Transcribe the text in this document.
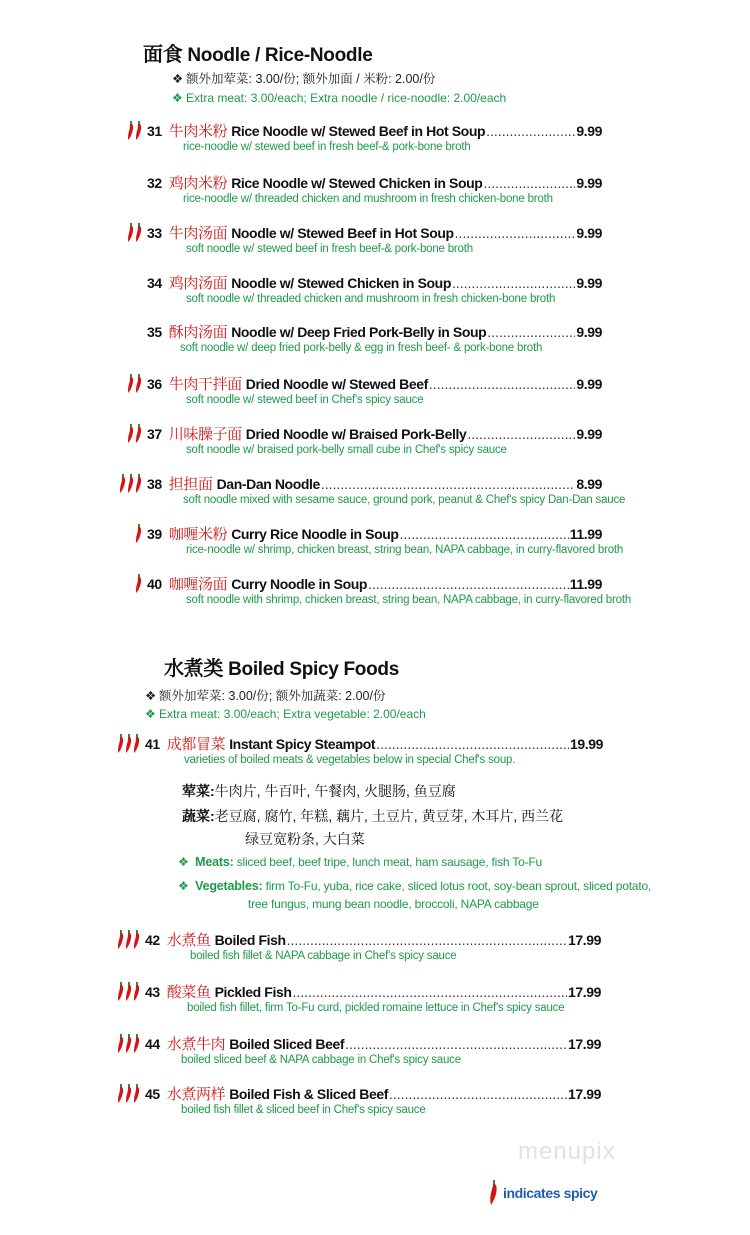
面食 Noodle / Rice-Noodle
❖ 额外加荤菜: 3.00/份; 额外加面 / 米粉: 2.00/份
❖ Extra meat: 3.00/each; Extra noodle / rice-noodle: 2.00/each
31 牛肉米粉 Rice Noodle w/ Stewed Beef in Hot Soup .....	9.99
rice-noodle w/ stewed beef in fresh beef-& pork-bone broth
32 鸡肉米粉 Rice Noodle w/ Stewed Chicken in Soup .....	9.99
rice-noodle w/ threaded chicken and mushroom in fresh chicken-bone broth
33 牛肉汤面 Noodle w/ Stewed Beef in Hot Soup .....	9.99
soft noodle w/ stewed beef in fresh beef-& pork-bone broth
34 鸡肉汤面 Noodle w/ Stewed Chicken in Soup .....	9.99
soft noodle w/ threaded chicken and mushroom in fresh chicken-bone broth
35 酥肉汤面 Noodle w/ Deep Fried Pork-Belly in Soup .....	9.99
soft noodle w/ deep fried pork-belly & egg in fresh beef- & pork-bone broth
36 牛肉干拌面 Dried Noodle w/ Stewed Beef .....	9.99
soft noodle w/ stewed beef in Chef's spicy sauce
37 川味臊子面 Dried Noodle w/ Braised Pork-Belly .....	9.99
soft noodle w/ braised pork-belly small cube in Chef's spicy sauce
38 担担面 Dan-Dan Noodle .....	8.99
soft noodle mixed with sesame sauce, ground pork, peanut & Chef's spicy Dan-Dan sauce
39 咖喱米粉 Curry Rice Noodle in Soup .....	11.99
rice-noodle w/ shrimp, chicken breast, string bean, NAPA cabbage, in curry-flavored broth
40 咖喱汤面 Curry Noodle in Soup .....	11.99
soft noodle with shrimp, chicken breast, string bean, NAPA cabbage, in curry-flavored broth
水煮类 Boiled Spicy Foods
❖ 额外加荤菜: 3.00/份; 额外加蔬菜: 2.00/份
❖ Extra meat: 3.00/each; Extra vegetable: 2.00/each
41 成都冒菜 Instant Spicy Steampot .....	19.99
varieties of boiled meats & vegetables below in special Chef's soup.
荤菜:牛肉片, 牛百叶, 午餐肉, 火腿肠, 鱼豆腐
蔬菜:老豆腐, 腐竹, 年糕, 藕片, 土豆片, 黄豆芽, 木耳片, 西兰花
绿豆宽粉条, 大白菜
❖ Meats: sliced beef, beef tripe, lunch meat, ham sausage, fish To-Fu
❖ Vegetables: firm To-Fu, yuba, rice cake, sliced lotus root, soy-bean sprout, sliced potato,
tree fungus, mung bean noodle, broccoli, NAPA cabbage
42 水煮鱼 Boiled Fish .....	17.99
boiled fish fillet & NAPA cabbage in Chef's spicy sauce
43 酸菜鱼 Pickled Fish .....	17.99
boiled fish fillet, firm To-Fu curd, pickled romaine lettuce in Chef's spicy sauce
44 水煮牛肉 Boiled Sliced Beef .....	17.99
boiled sliced beef & NAPA cabbage in Chef's spicy sauce
45 水煮两样 Boiled Fish & Sliced Beef .....	17.99
boiled fish fillet & sliced beef in Chef's spicy sauce
menupix
indicates spicy
